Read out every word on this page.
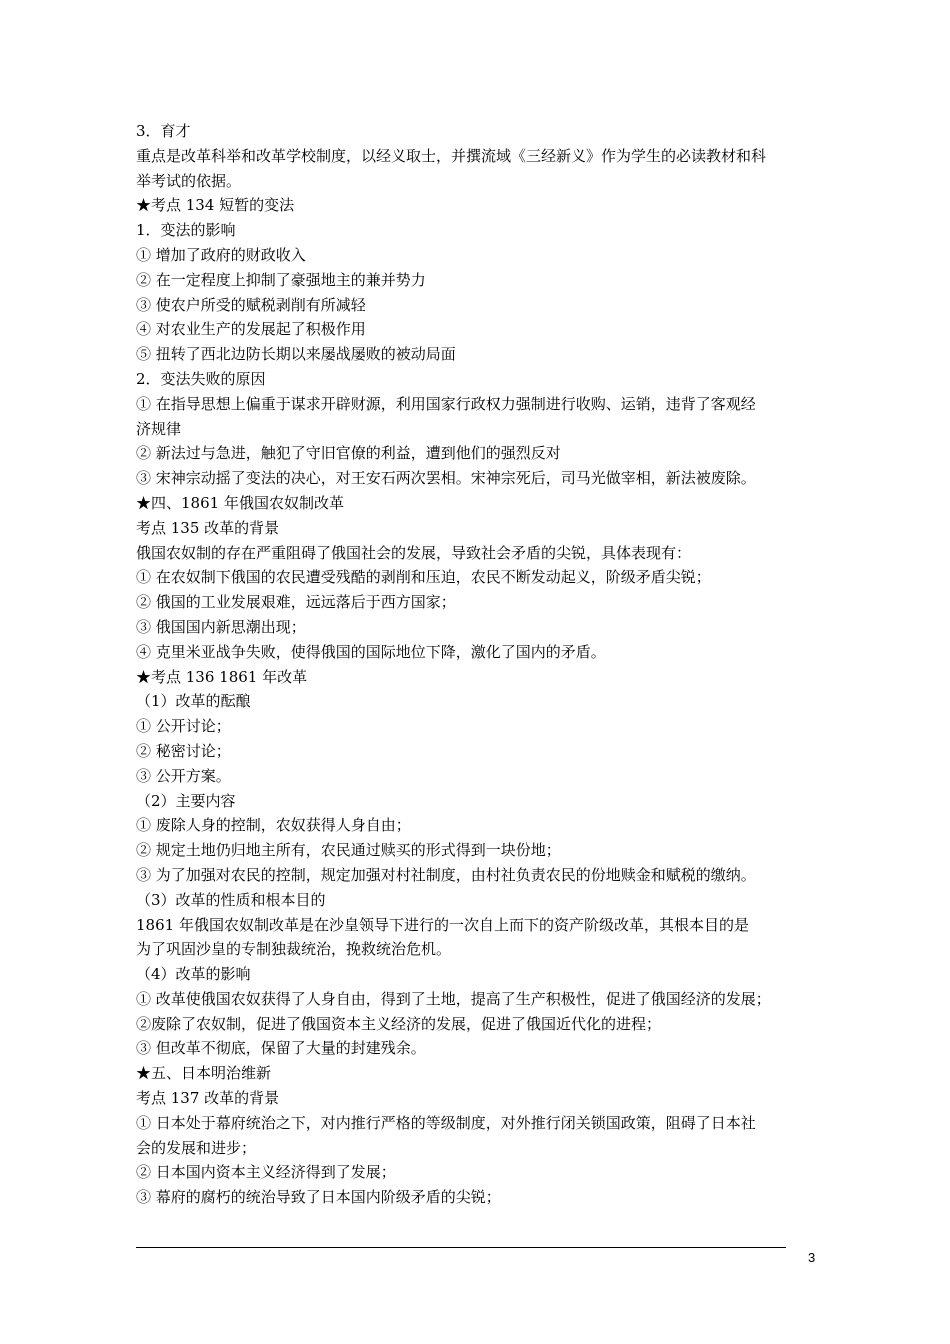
3．育才
重点是改革科举和改革学校制度，以经义取士，并撰流域《三经新义》作为学生的必读教材和科
举考试的依据。
★考点 134 短暂的变法
1．变法的影响
① 增加了政府的财政收入
② 在一定程度上抑制了豪强地主的兼并势力
③ 使农户所受的赋税剥削有所减轻
④ 对农业生产的发展起了积极作用
⑤ 扭转了西北边防长期以来屡战屡败的被动局面
2．变法失败的原因
① 在指导思想上偏重于谋求开辟财源，利用国家行政权力强制进行收购、运销，违背了客观经
济规律
② 新法过与急进，触犯了守旧官僚的利益，遭到他们的强烈反对
③ 宋神宗动摇了变法的决心，对王安石两次罢相。宋神宗死后，司马光做宰相，新法被废除。
★四、1861 年俄国农奴制改革
考点 135 改革的背景
俄国农奴制的存在严重阻碍了俄国社会的发展，导致社会矛盾的尖锐，具体表现有：
① 在农奴制下俄国的农民遭受残酷的剥削和压迫，农民不断发动起义，阶级矛盾尖锐；
② 俄国的工业发展艰难，远远落后于西方国家；
③ 俄国国内新思潮出现；
④ 克里米亚战争失败，使得俄国的国际地位下降，激化了国内的矛盾。
★考点 136 1861 年改革
（1）改革的酝酿
① 公开讨论；
② 秘密讨论；
③ 公开方案。
（2）主要内容
① 废除人身的控制，农奴获得人身自由；
② 规定土地仍归地主所有，农民通过赎买的形式得到一块份地；
③ 为了加强对农民的控制，规定加强对村社制度，由村社负责农民的份地赎金和赋税的缴纳。
（3）改革的性质和根本目的
1861 年俄国农奴制改革是在沙皇领导下进行的一次自上而下的资产阶级改革，其根本目的是
为了巩固沙皇的专制独裁统治，挽救统治危机。
（4）改革的影响
① 改革使俄国农奴获得了人身自由，得到了土地，提高了生产积极性，促进了俄国经济的发展；
②废除了农奴制，促进了俄国资本主义经济的发展，促进了俄国近代化的进程；
③ 但改革不彻底，保留了大量的封建残余。
★五、日本明治维新
考点 137 改革的背景
① 日本处于幕府统治之下，对内推行严格的等级制度，对外推行闭关锁国政策，阻碍了日本社
会的发展和进步；
② 日本国内资本主义经济得到了发展；
③ 幕府的腐朽的统治导致了日本国内阶级矛盾的尖锐；
3
